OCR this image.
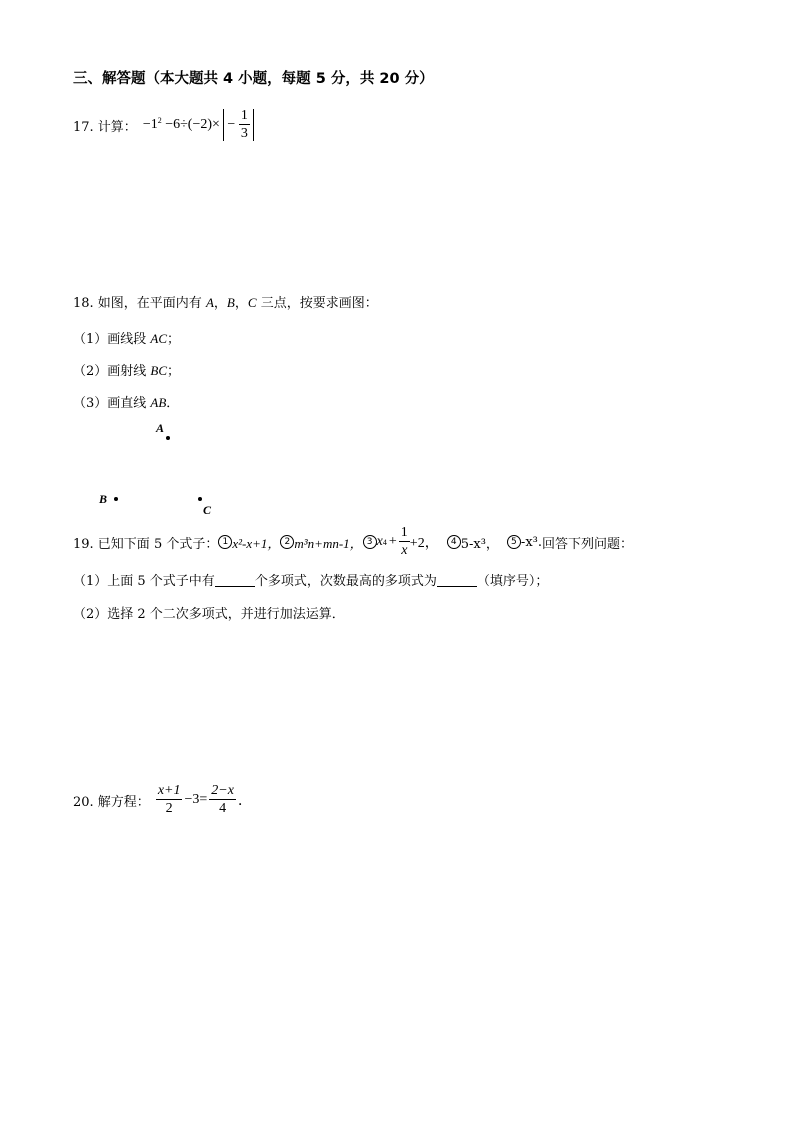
三、解答题（本大题共 4 小题，每题 5 分，共 20 分）
17. 计算： $-1^2 -6\div(-2)\times - \frac{1}{3}$
18. 如图，在平面内有 A，B，C 三点，按要求画图：
（1）画线段 AC；
（2）画射线 BC；
（3）画直线 AB．
A
B
C
19. 已知下面 5 个式子： 1 x²-x+1， 2 m³n+mn-1， 3 x $4 + \frac{1}{x} +2$，	4 5-x³，	5 -x³. 回答下列问题：
（1）上面 5 个式子中有	个多项式，次数最高的多项式为	（填序号）；
（2）选择 2 个二次多项式，并进行加法运算．
20. 解方程： $\frac{x+1}{2} -3= \frac{2-x}{4}$ ．
